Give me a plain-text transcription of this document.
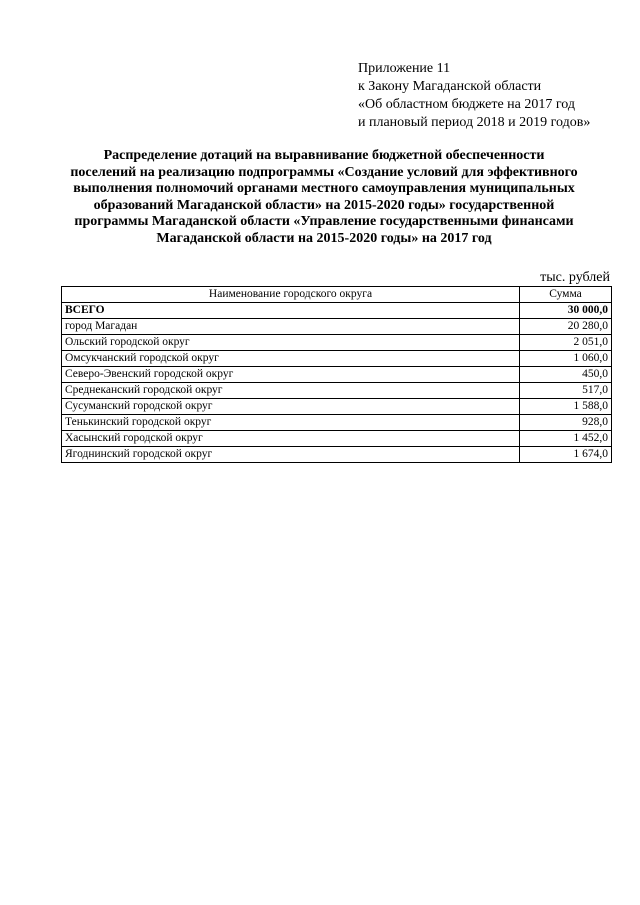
Приложение 11
к Закону Магаданской области
«Об областном бюджете на 2017 год
и плановый период 2018 и 2019 годов»
Распределение дотаций на выравнивание бюджетной обеспеченности
поселений на реализацию подпрограммы «Создание условий для эффективного
выполнения полномочий органами местного самоуправления муниципальных
образований Магаданской области» на 2015-2020 годы» государственной
программы Магаданской области «Управление государственными финансами
Магаданской области на 2015-2020 годы» на 2017 год
тыс. рублей
Наименование городского округа	Сумма
ВСЕГО	30 000,0
город Магадан	20 280,0
Ольский городской округ	2 051,0
Омсукчанский городской округ	1 060,0
Северо-Эвенский городской округ	450,0
Среднеканский городской округ	517,0
Сусуманский городской округ	1 588,0
Тенькинский городской округ	928,0
Хасынский городской округ	1 452,0
Ягоднинский городской округ	1 674,0
